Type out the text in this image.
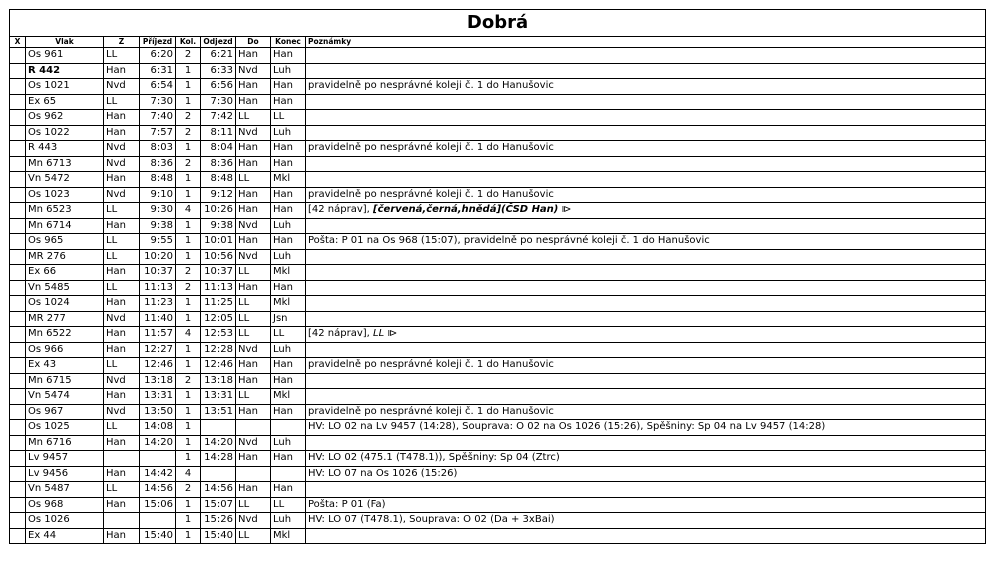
Dobrá
X	Vlak	Z	Příjezd	Kol.	Odjezd	Do	Konec	Poznámky
	Os 961	LL	6:20	2	6:21	Han	Han	
	R 442	Han	6:31	1	6:33	Nvd	Luh	
	Os 1021	Nvd	6:54	1	6:56	Han	Han	pravidelně po nesprávné koleji č. 1 do Hanušovic
	Ex 65	LL	7:30	1	7:30	Han	Han	
	Os 962	Han	7:40	2	7:42	LL	LL	
	Os 1022	Han	7:57	2	8:11	Nvd	Luh	
	R 443	Nvd	8:03	1	8:04	Han	Han	pravidelně po nesprávné koleji č. 1 do Hanušovic
	Mn 6713	Nvd	8:36	2	8:36	Han	Han	
	Vn 5472	Han	8:48	1	8:48	LL	Mkl	
	Os 1023	Nvd	9:10	1	9:12	Han	Han	pravidelně po nesprávné koleji č. 1 do Hanušovic
	Mn 6523	LL	9:30	4	10:26	Han	Han	[42 náprav], [červená,černá,hnědá](ČSD Han) ⧐
	Mn 6714	Han	9:38	1	9:38	Nvd	Luh	
	Os 965	LL	9:55	1	10:01	Han	Han	Pošta: P 01 na Os 968 (15:07), pravidelně po nesprávné koleji č. 1 do Hanušovic
	MR 276	LL	10:20	1	10:56	Nvd	Luh	
	Ex 66	Han	10:37	2	10:37	LL	Mkl	
	Vn 5485	LL	11:13	2	11:13	Han	Han	
	Os 1024	Han	11:23	1	11:25	LL	Mkl	
	MR 277	Nvd	11:40	1	12:05	LL	Jsn	
	Mn 6522	Han	11:57	4	12:53	LL	LL	[42 náprav], LL ⧐
	Os 966	Han	12:27	1	12:28	Nvd	Luh	
	Ex 43	LL	12:46	1	12:46	Han	Han	pravidelně po nesprávné koleji č. 1 do Hanušovic
	Mn 6715	Nvd	13:18	2	13:18	Han	Han	
	Vn 5474	Han	13:31	1	13:31	LL	Mkl	
	Os 967	Nvd	13:50	1	13:51	Han	Han	pravidelně po nesprávné koleji č. 1 do Hanušovic
	Os 1025	LL	14:08	1				HV: LO 02 na Lv 9457 (14:28), Souprava: O 02 na Os 1026 (15:26), Spěšniny: Sp 04 na Lv 9457 (14:28)
	Mn 6716	Han	14:20	1	14:20	Nvd	Luh	
	Lv 9457			1	14:28	Han	Han	HV: LO 02 (475.1 (T478.1)), Spěšniny: Sp 04 (Ztrc)
	Lv 9456	Han	14:42	4				HV: LO 07 na Os 1026 (15:26)
	Vn 5487	LL	14:56	2	14:56	Han	Han	
	Os 968	Han	15:06	1	15:07	LL	LL	Pošta: P 01 (Fa)
	Os 1026			1	15:26	Nvd	Luh	HV: LO 07 (T478.1), Souprava: O 02 (Da + 3xBai)
	Ex 44	Han	15:40	1	15:40	LL	Mkl	
